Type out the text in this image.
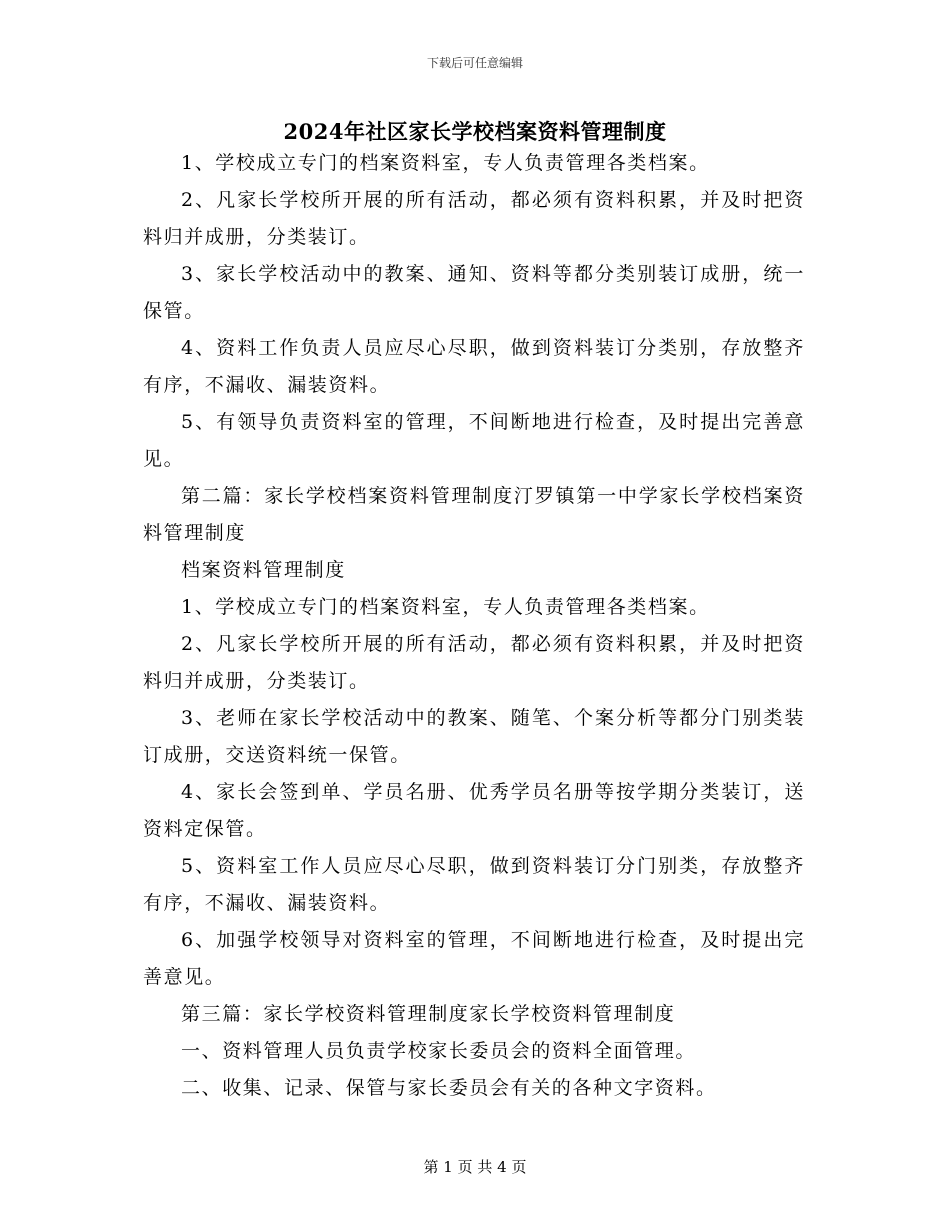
下载后可任意编辑
2024年社区家长学校档案资料管理制度

1、学校成立专门的档案资料室，专人负责管理各类档案。

2、凡家长学校所开展的所有活动，都必须有资料积累，并及时把资料归并成册，分类装订。

3、家长学校活动中的教案、通知、资料等都分类别装订成册，统一保管。

4、资料工作负责人员应尽心尽职，做到资料装订分类别，存放整齐有序，不漏收、漏装资料。

5、有领导负责资料室的管理，不间断地进行检查，及时提出完善意见。

第二篇：家长学校档案资料管理制度汀罗镇第一中学家长学校档案资料管理制度

档案资料管理制度

1、学校成立专门的档案资料室，专人负责管理各类档案。

2、凡家长学校所开展的所有活动，都必须有资料积累，并及时把资料归并成册，分类装订。

3、老师在家长学校活动中的教案、随笔、个案分析等都分门别类装订成册，交送资料统一保管。

4、家长会签到单、学员名册、优秀学员名册等按学期分类装订，送资料定保管。

5、资料室工作人员应尽心尽职，做到资料装订分门别类，存放整齐有序，不漏收、漏装资料。

6、加强学校领导对资料室的管理，不间断地进行检查，及时提出完善意见。

第三篇：家长学校资料管理制度家长学校资料管理制度

一、资料管理人员负责学校家长委员会的资料全面管理。

二、收集、记录、保管与家长委员会有关的各种文字资料。

第 1 页 共 4 页
